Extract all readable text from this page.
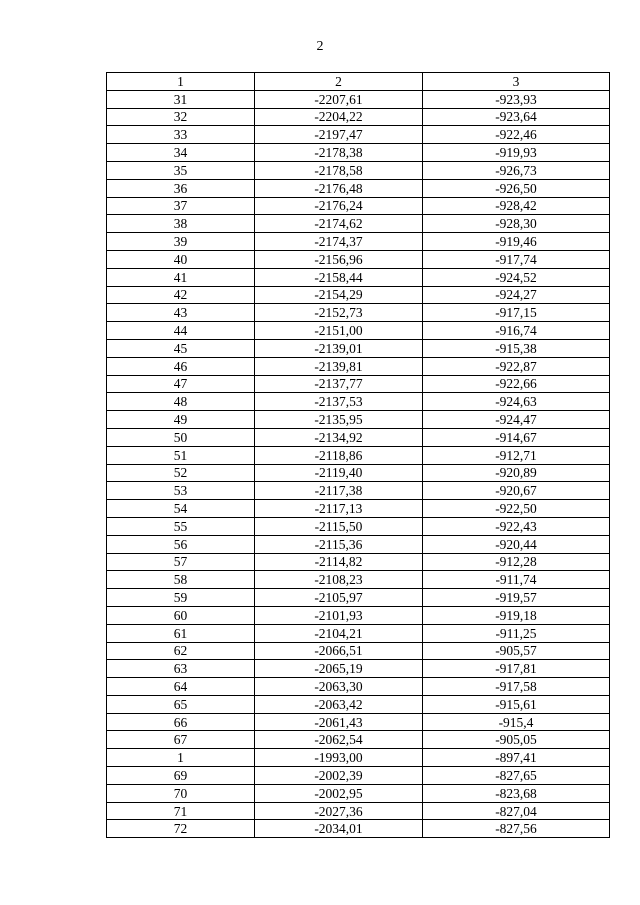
2
1	2	3
31	-2207,61	-923,93
32	-2204,22	-923,64
33	-2197,47	-922,46
34	-2178,38	-919,93
35	-2178,58	-926,73
36	-2176,48	-926,50
37	-2176,24	-928,42
38	-2174,62	-928,30
39	-2174,37	-919,46
40	-2156,96	-917,74
41	-2158,44	-924,52
42	-2154,29	-924,27
43	-2152,73	-917,15
44	-2151,00	-916,74
45	-2139,01	-915,38
46	-2139,81	-922,87
47	-2137,77	-922,66
48	-2137,53	-924,63
49	-2135,95	-924,47
50	-2134,92	-914,67
51	-2118,86	-912,71
52	-2119,40	-920,89
53	-2117,38	-920,67
54	-2117,13	-922,50
55	-2115,50	-922,43
56	-2115,36	-920,44
57	-2114,82	-912,28
58	-2108,23	-911,74
59	-2105,97	-919,57
60	-2101,93	-919,18
61	-2104,21	-911,25
62	-2066,51	-905,57
63	-2065,19	-917,81
64	-2063,30	-917,58
65	-2063,42	-915,61
66	-2061,43	-915,4
67	-2062,54	-905,05
1	-1993,00	-897,41
69	-2002,39	-827,65
70	-2002,95	-823,68
71	-2027,36	-827,04
72	-2034,01	-827,56
